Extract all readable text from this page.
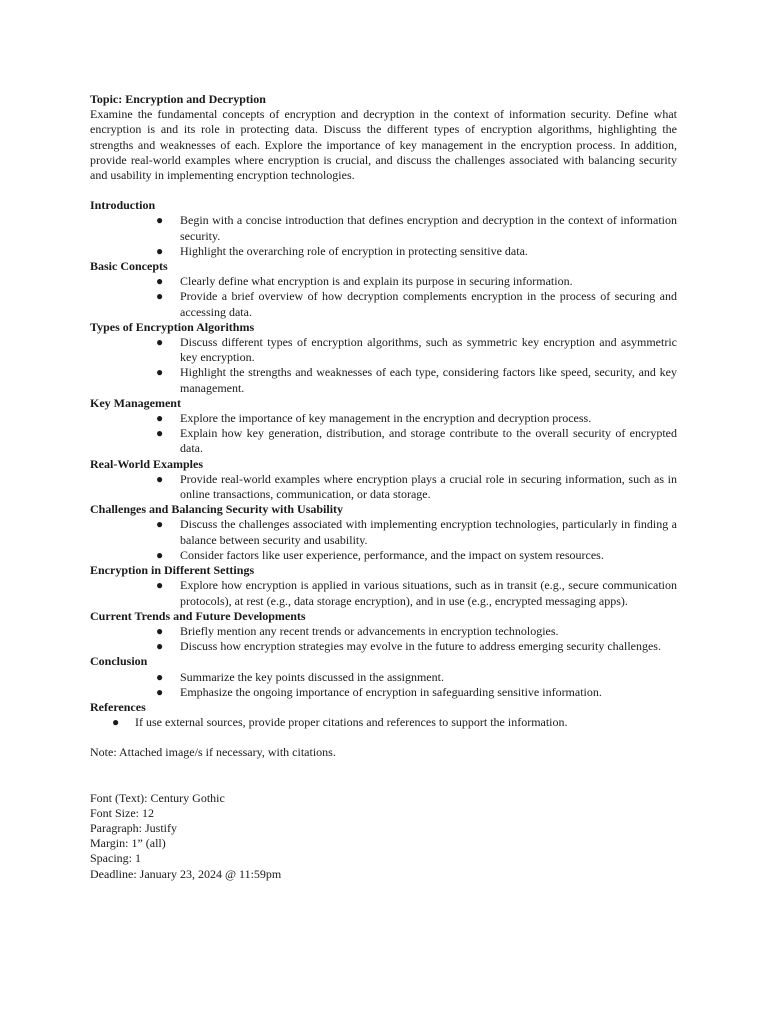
Topic: Encryption and Decryption

Examine the fundamental concepts of encryption and decryption in the context of information security. Define what encryption is and its role in protecting data. Discuss the different types of encryption algorithms, highlighting the strengths and weaknesses of each. Explore the importance of key management in the encryption process. In addition, provide real-world examples where encryption is crucial, and discuss the challenges associated with balancing security and usability in implementing encryption technologies.

Introduction

● Begin with a concise introduction that defines encryption and decryption in the context of information security.
● Highlight the overarching role of encryption in protecting sensitive data.

Basic Concepts

● Clearly define what encryption is and explain its purpose in securing information.
● Provide a brief overview of how decryption complements encryption in the process of securing and accessing data.

Types of Encryption Algorithms

● Discuss different types of encryption algorithms, such as symmetric key encryption and asymmetric key encryption.
● Highlight the strengths and weaknesses of each type, considering factors like speed, security, and key management.

Key Management

● Explore the importance of key management in the encryption and decryption process.
● Explain how key generation, distribution, and storage contribute to the overall security of encrypted data.

Real-World Examples

● Provide real-world examples where encryption plays a crucial role in securing information, such as in online transactions, communication, or data storage.

Challenges and Balancing Security with Usability

● Discuss the challenges associated with implementing encryption technologies, particularly in finding a balance between security and usability.
● Consider factors like user experience, performance, and the impact on system resources.

Encryption in Different Settings

● Explore how encryption is applied in various situations, such as in transit (e.g., secure communication protocols), at rest (e.g., data storage encryption), and in use (e.g., encrypted messaging apps).

Current Trends and Future Developments

● Briefly mention any recent trends or advancements in encryption technologies.
● Discuss how encryption strategies may evolve in the future to address emerging security challenges.

Conclusion

● Summarize the key points discussed in the assignment.
● Emphasize the ongoing importance of encryption in safeguarding sensitive information.

References

● If use external sources, provide proper citations and references to support the information.

Note: Attached image/s if necessary, with citations.

Font (Text): Century Gothic
Font Size: 12
Paragraph: Justify
Margin: 1” (all)
Spacing: 1
Deadline: January 23, 2024 @ 11:59pm
